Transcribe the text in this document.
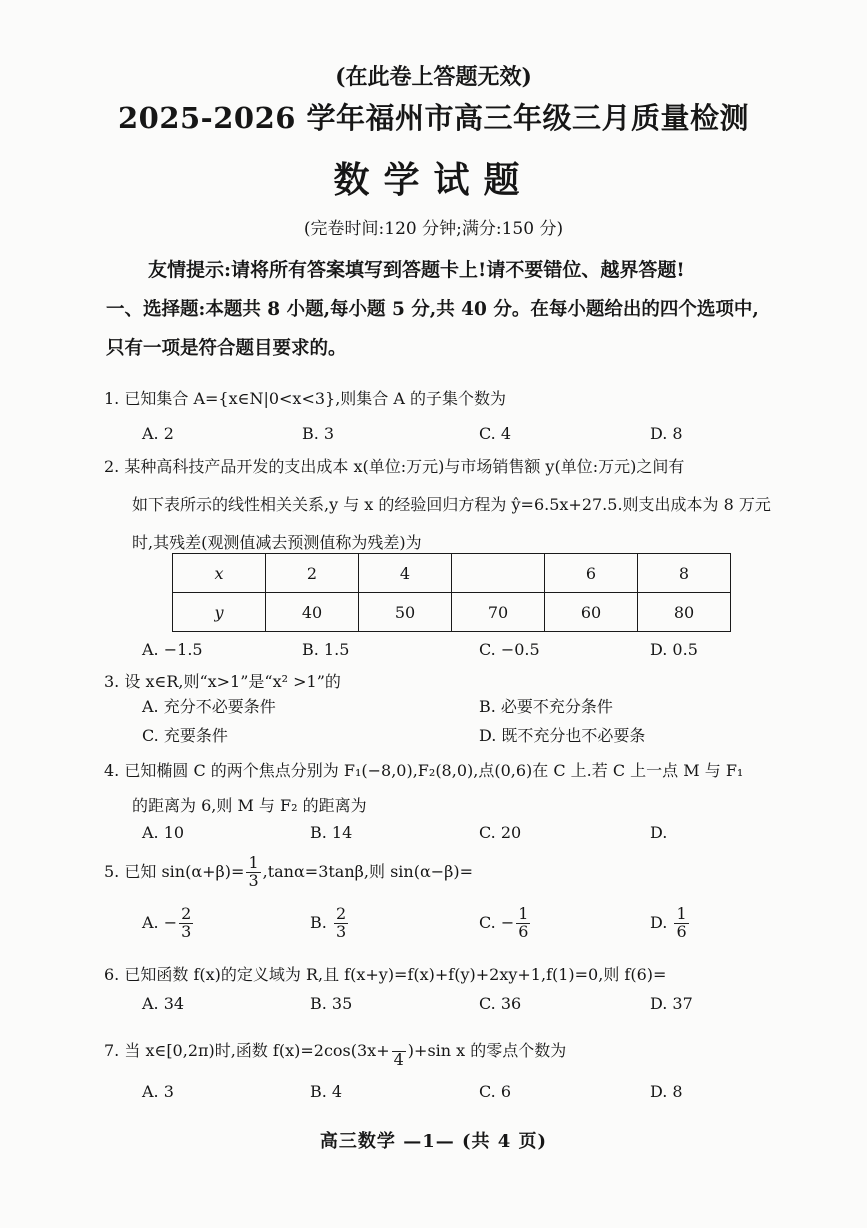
(在此卷上答题无效)
2025-2026 学年福州市高三年级三月质量检测
数学试题
(完卷时间:120 分钟;满分:150 分)
友情提示:请将所有答案填写到答题卡上!请不要错位、越界答题!
一、选择题:本题共 8 小题,每小题 5 分,共 40 分。在每小题给出的四个选项中,
只有一项是符合题目要求的。
1. 已知集合 A={x∈N|0<x<3},则集合 A 的子集个数为
A. 2	B. 3	C. 4	D. 8
2. 某种高科技产品开发的支出成本 x(单位:万元)与市场销售额 y(单位:万元)之间有
如下表所示的线性相关关系,y 与 x 的经验回归方程为 ŷ=6.5x+27.5.则支出成本为 8 万元
时,其残差(观测值减去预测值称为残差)为
x	2	4		6	8
y	40	50	70	60	80
A. −1.5	B. 1.5	C. −0.5	D. 0.5
3. 设 x∈R,则“x>1”是“x² >1”的
A. 充分不必要条件	B. 必要不充分条件
C. 充要条件	D. 既不充分也不必要条
4. 已知椭圆 C 的两个焦点分别为 F₁(−8,0),F₂(8,0),点(0,6)在 C 上.若 C 上一点 M 与 F₁
的距离为 6,则 M 与 F₂ 的距离为
A. 10	B. 14	C. 20	D.
5. 已知 $\sin(\alpha+\beta)= \frac{1}{3} ,\tan\alpha=3\tan\beta$,则 sin(α−β)=
A. − $\frac{2}{3}$	B. $\frac{2}{3}$	C. − $\frac{1}{6}$	D. $\frac{1}{6}$
6. 已知函数 f(x)的定义域为 R,且 f(x+y)=f(x)+f(y)+2xy+1,f(1)=0,则 f(6)=
A. 34	B. 35	C. 36	D. 37
7. 当 x∈[0,2π)时,函数 f(x)=2cos(3x+
4 )+sin x 的零点个数为
A. 3	B. 4	C. 6	D. 8
高三数学 —1— (共 4 页)
